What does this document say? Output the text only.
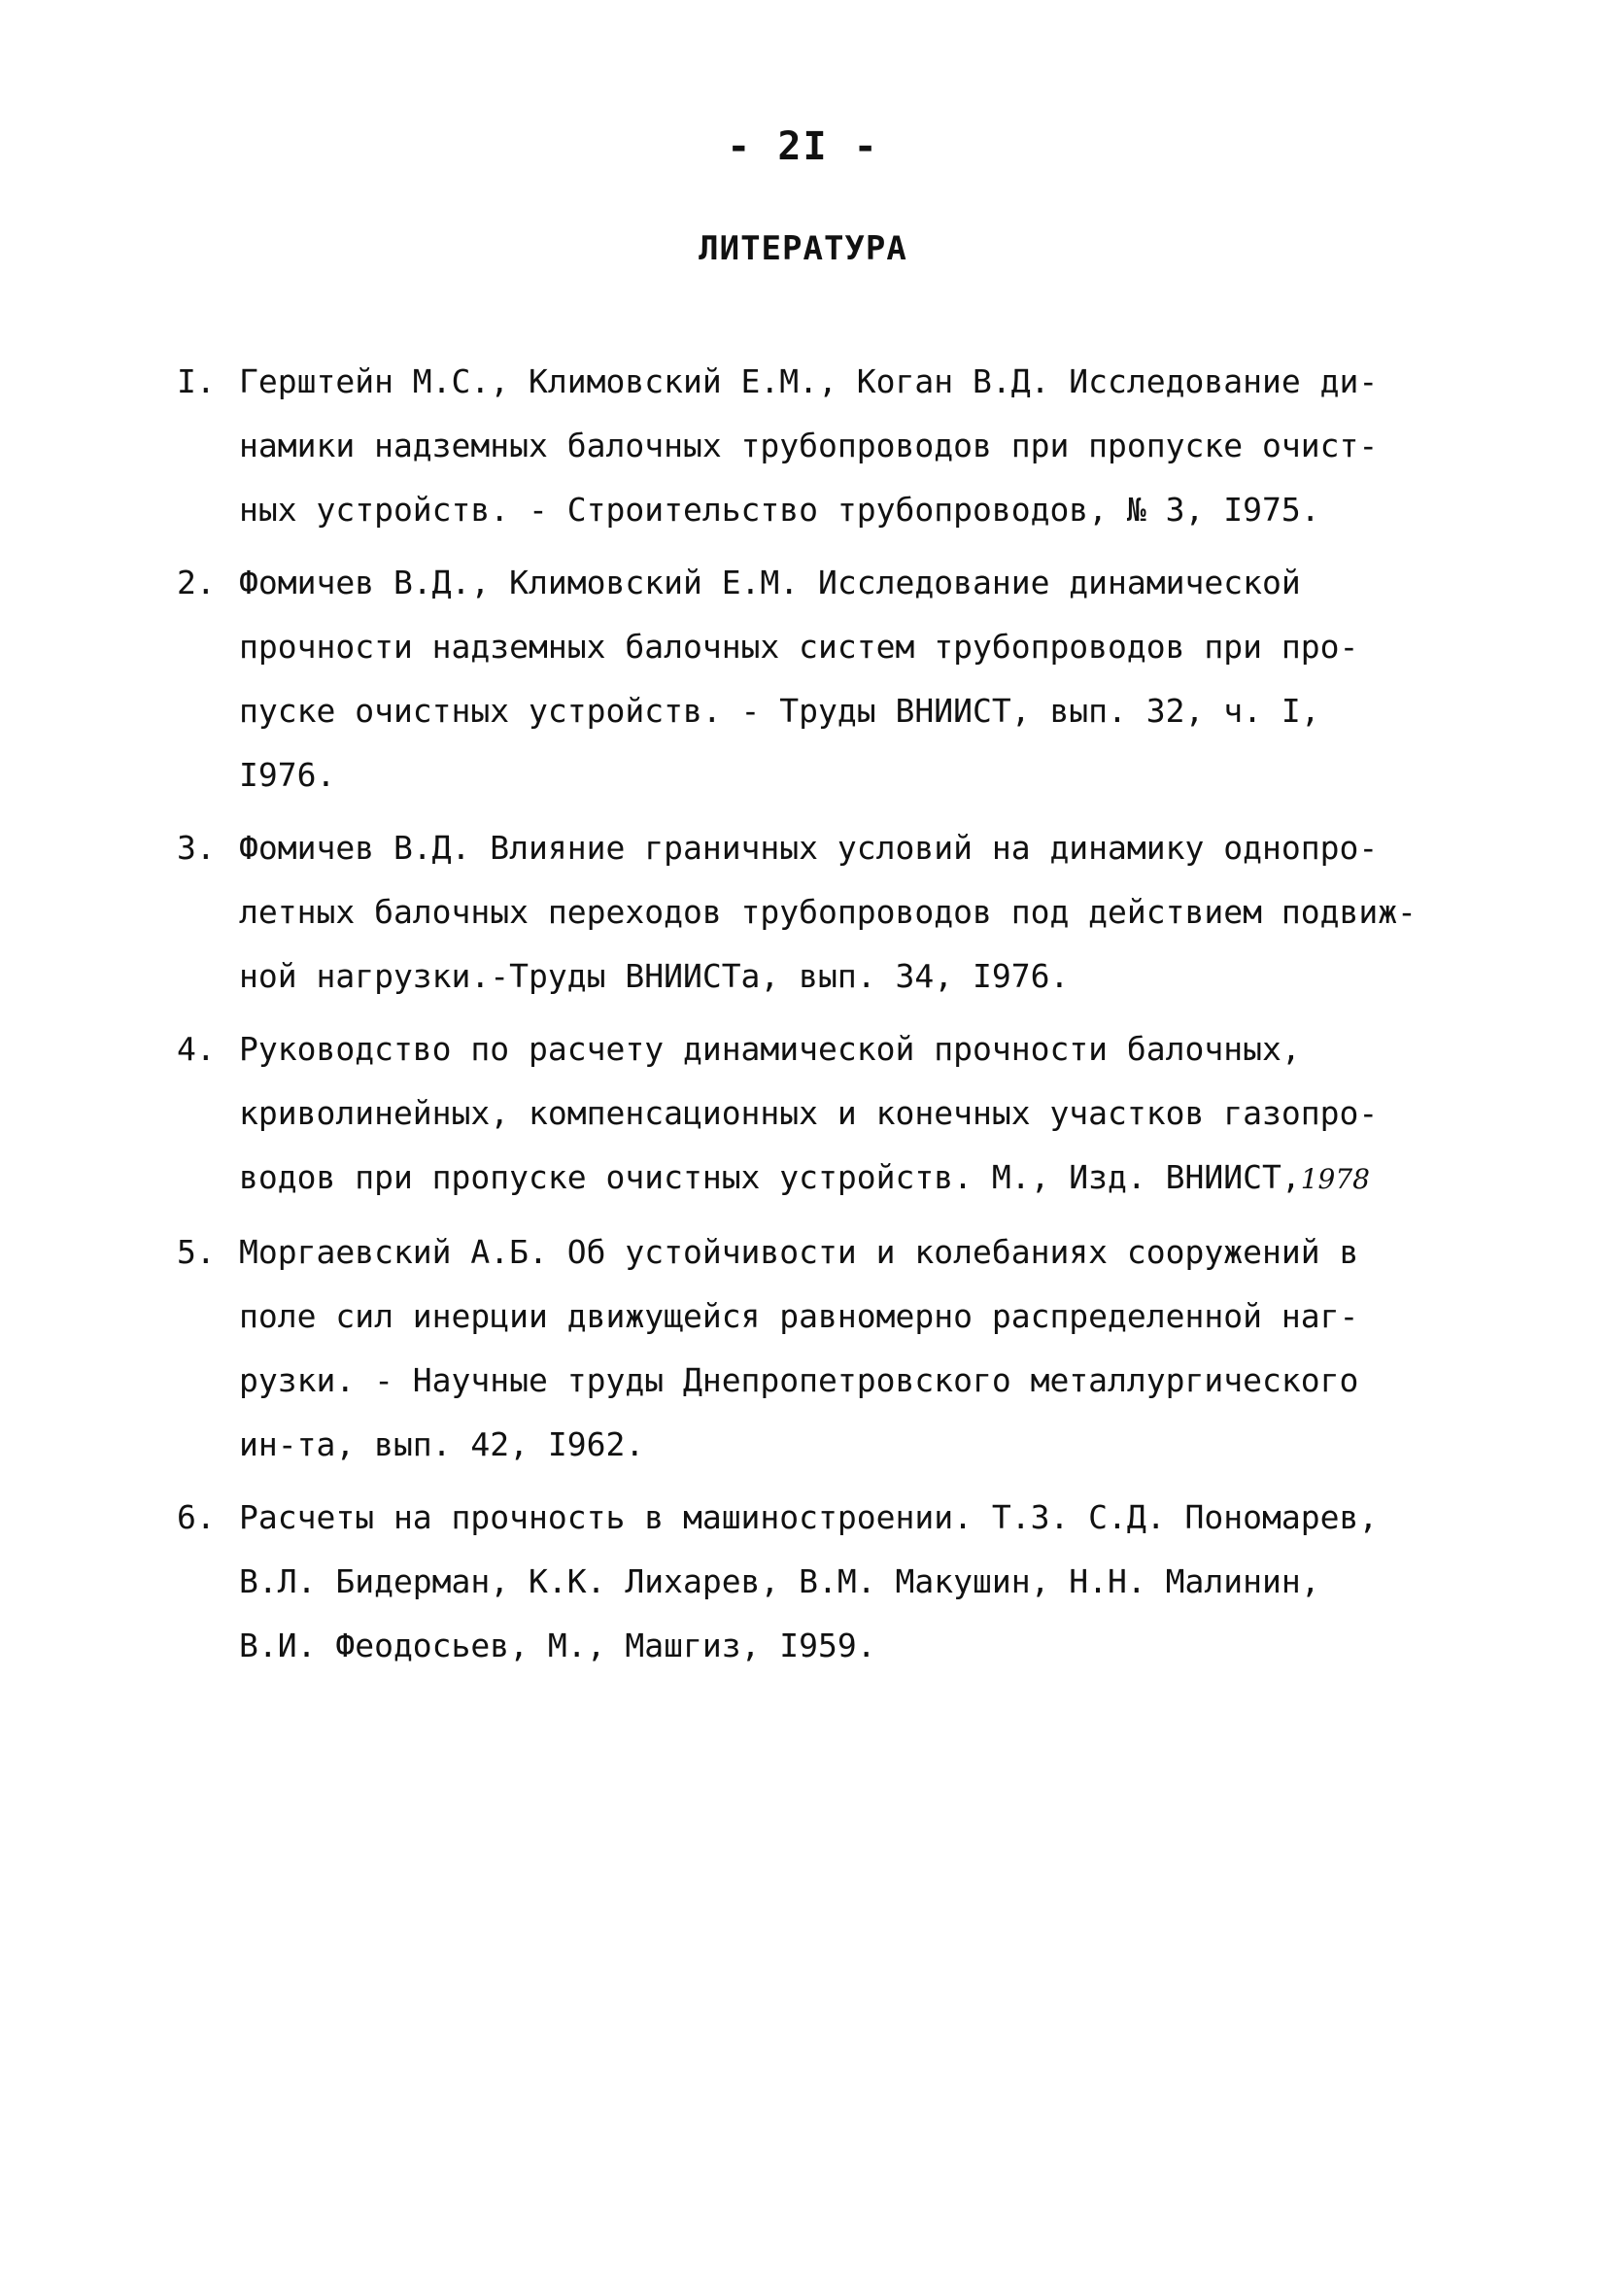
- 2I -
ЛИТЕРАТУРА
I. Герштейн М.С., Климовский Е.М., Коган В.Д. Исследование ди-
намики надземных балочных трубопроводов при пропуске очист-
ных устройств. - Строительство трубопроводов, № 3, I975.
2. Фомичев В.Д., Климовский Е.М. Исследование динамической
прочности надземных балочных систем трубопроводов при про-
пуске очистных устройств. - Труды ВНИИСТ, вып. 32, ч. I,
I976.
3. Фомичев В.Д. Влияние граничных условий на динамику однопро-
летных балочных переходов трубопроводов под действием подвиж-
ной нагрузки.-Труды ВНИИСТа, вып. 34, I976.
4. Руководство по расчету динамической прочности балочных,
криволинейных, компенсационных и конечных участков газопро-
водов при пропуске очистных устройств. М., Изд. ВНИИСТ,1978
5. Моргаевский А.Б. Об устойчивости и колебаниях сооружений в
поле сил инерции движущейся равномерно распределенной наг-
рузки. - Научные труды Днепропетровского металлургического
ин-та, вып. 42, I962.
6. Расчеты на прочность в машиностроении. Т.З. С.Д. Пономарев,
В.Л. Бидерман, К.К. Лихарев, В.М. Макушин, Н.Н. Малинин,
В.И. Феодосьев, М., Машгиз, I959.
